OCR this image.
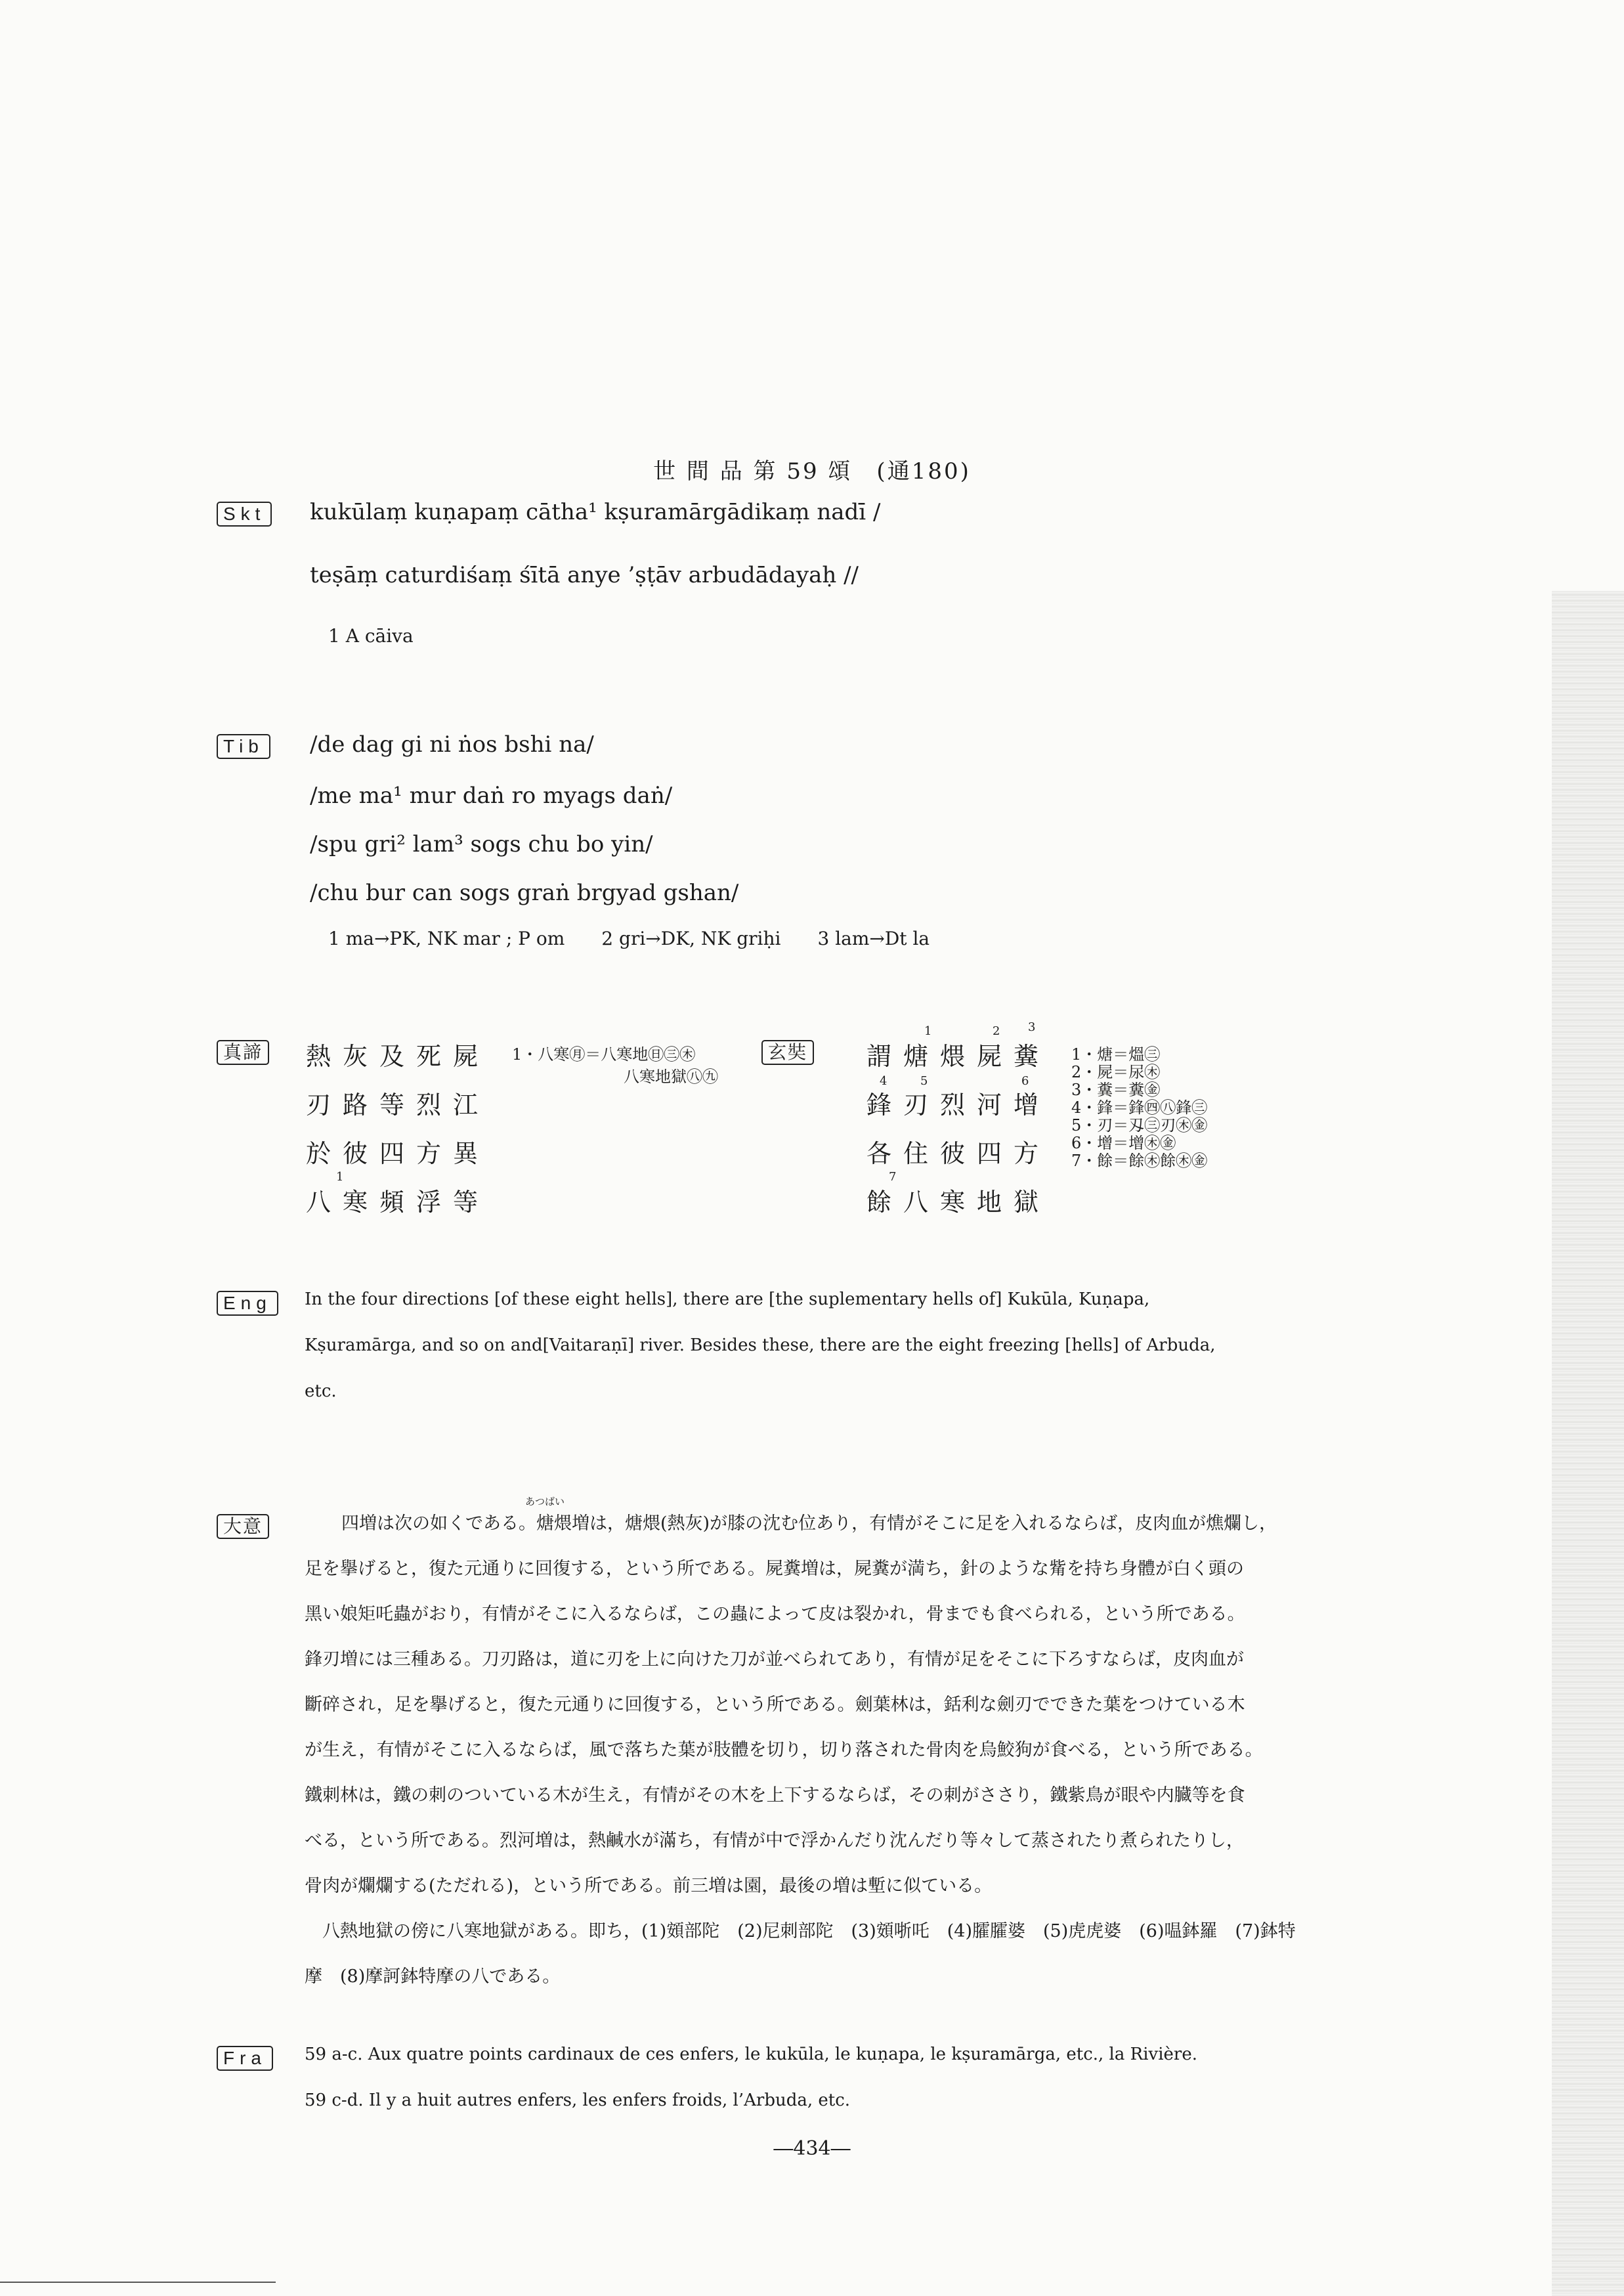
世 間 品 第 59 頌　(通180)
Skt kukūlaṃ kuṇapaṃ cātha¹ kṣuramārgādikaṃ nadī /
teṣāṃ caturdiśaṃ śītā anye ’ṣṭāv arbudādayaḥ //
1 A cāiva
Tib /de dag gi ni ṅos bshi na/
/me ma¹ mur daṅ ro myags daṅ/
/spu gri² lam³ sogs chu bo yin/
/chu bur can sogs graṅ brgyad gshan/
1 ma→PK, NK mar ; P om　　2 gri→DK, NK griḥi　　3 lam→Dt la
真諦 熱灰及死屍
刃路等烈江
於彼四方異
八寒頻浮等
1
1・八寒㊊＝八寒地㊐㊂㊍
八寒地獄㊇㊈
玄奘 謂煻煨屍糞
鋒刃烈河增
各住彼四方
餘八寒地獄
1	2 3
4	5	6
7
1・煻＝熅㊂
2・屍＝尿㊍
3・糞＝糞㊎
4・鋒＝鋒㊃㊇鋒㊂
5・刃＝刄㊂刃㊍㊎
6・增＝增㊍㊎
7・餘＝餘㊍餘㊍㊎
Eng	In the four directions [of these eight hells], there are [the suplementary hells of] Kukūla, Kuṇapa,
Kṣuramārga, and so on and[Vaitaraṇī] river. Besides these, there are the eight freezing [hells] of Arbuda,
etc.
大意
あつばい
四増は次の如くである。煻煨増は，煻煨(熱灰)が膝の沈む位あり，有情がそこに足を入れるならば，皮肉血が燋爛し，
足を擧げると，復た元通りに回復する，という所である。屍糞増は，屍糞が満ち，針のような觜を持ち身體が白く頭の
黑い娘矩吒蟲がおり，有情がそこに入るならば，この蟲によって皮は裂かれ，骨までも食べられる，という所である。
鋒刃増には三種ある。刀刃路は，道に刃を上に向けた刀が並べられてあり，有情が足をそこに下ろすならば，皮肉血が
斷碎され，足を擧げると，復た元通りに回復する，という所である。劍葉林は，銛利な劍刃でできた葉をつけている木
が生え，有情がそこに入るならば，風で落ちた葉が肢體を切り，切り落された骨肉を烏鮫狗が食べる，という所である。
鐵刺林は，鐵の刺のついている木が生え，有情がその木を上下するならば，その刺がささり，鐵紫鳥が眼や内臓等を食
べる，という所である。烈河増は，熱鹹水が滿ち，有情が中で浮かんだり沈んだり等々して蒸されたり煮られたりし，
骨肉が爛爛する(ただれる)，という所である。前三増は園，最後の増は塹に似ている。
　八熱地獄の傍に八寒地獄がある。即ち，(1)頞部陀　(2)尼刺部陀　(3)頞哳吒　(4)臛臛婆　(5)虎虎婆　(6)嗢鉢羅　(7)鉢特
摩　(8)摩訶鉢特摩の八である。
Fra	59 a-c. Aux quatre points cardinaux de ces enfers, le kukūla, le kuṇapa, le kṣuramārga, etc., la Rivière.
59 c-d. Il y a huit autres enfers, les enfers froids, l’Arbuda, etc.
―434―
